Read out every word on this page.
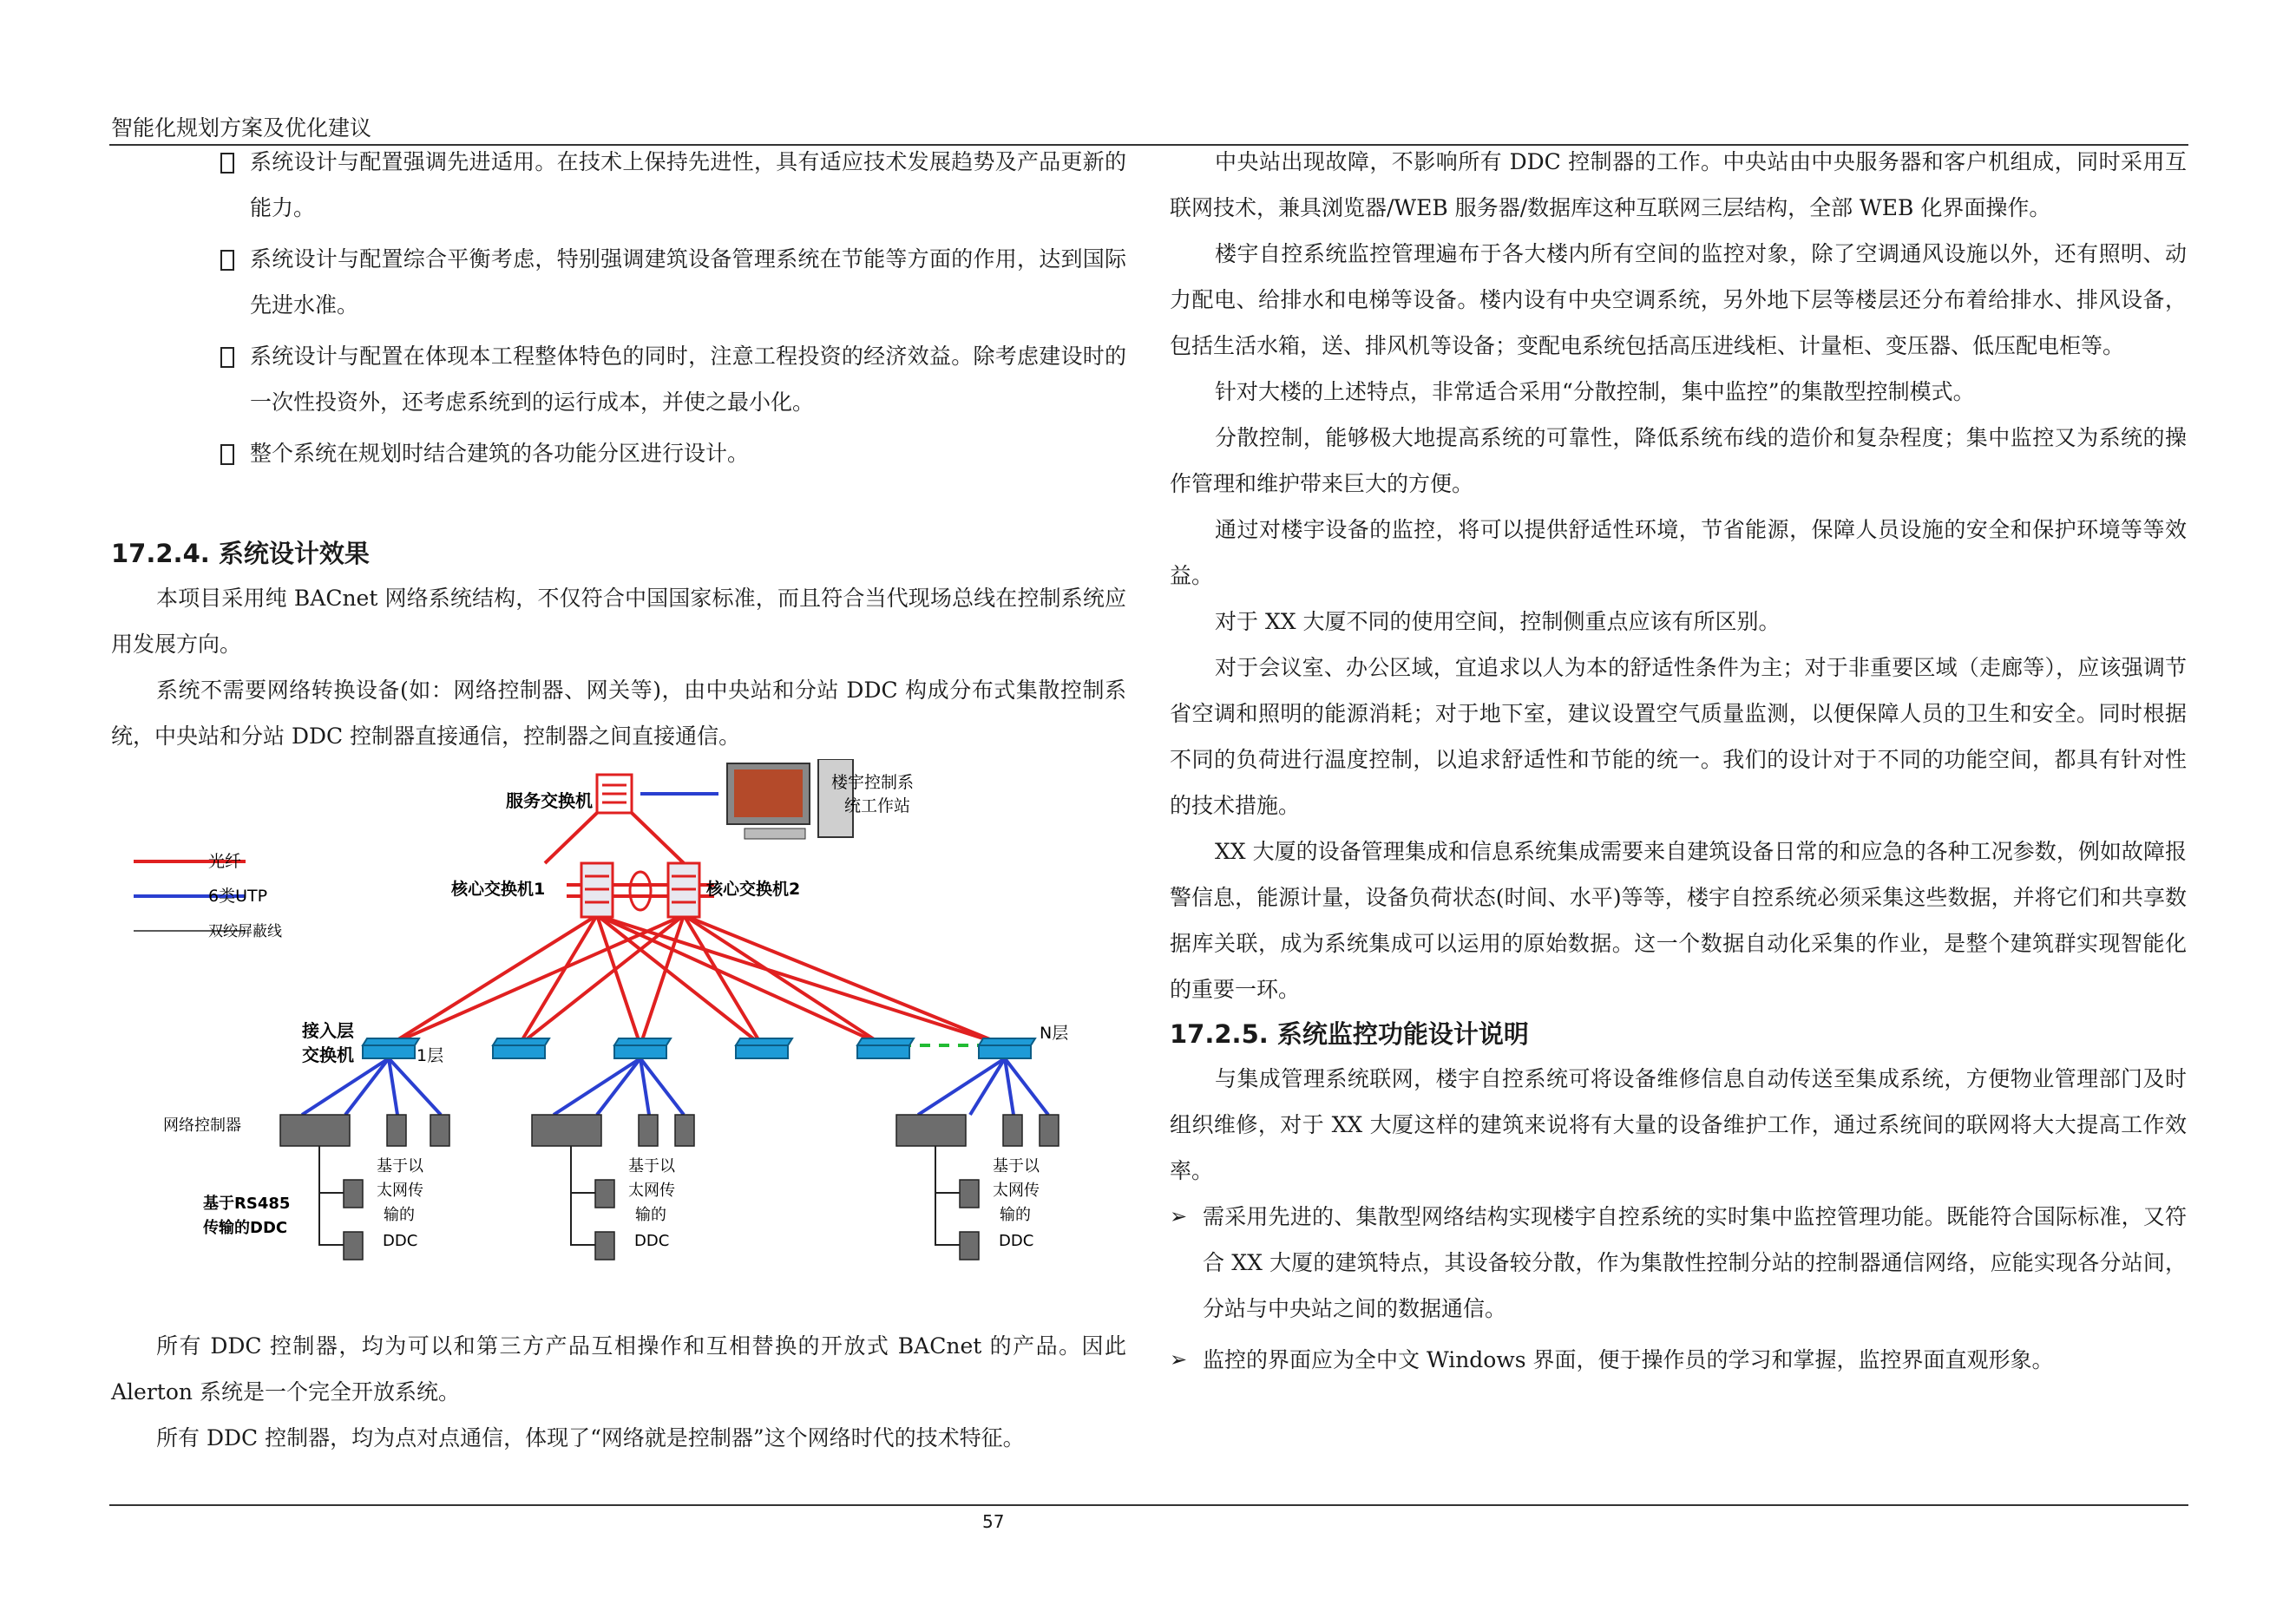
智能化规划方案及优化建议
系统设计与配置强调先进适用。在技术上保持先进性，具有适应技术发展趋势及产品更新的能力。
系统设计与配置综合平衡考虑，特别强调建筑设备管理系统在节能等方面的作用，达到国际先进水准。
系统设计与配置在体现本工程整体特色的同时，注意工程投资的经济效益。除考虑建设时的一次性投资外，还考虑系统到的运行成本，并使之最小化。
整个系统在规划时结合建筑的各功能分区进行设计。
17.2.4. 系统设计效果

本项目采用纯 BACnet 网络系统结构，不仅符合中国国家标准，而且符合当代现场总线在控制系统应用发展方向。

系统不需要网络转换设备(如：网络控制器、网关等)，由中央站和分站 DDC 构成分布式集散控制系统，中央站和分站 DDC 控制器直接通信，控制器之间直接通信。

服务交换机
楼宇控制系
统工作站
光纤
6类UTP
双绞屏蔽线
核心交换机1	核心交换机2
接入层
交换机	1层
N层
网络控制器
基于RS485
传输的DDC
基于以
太网传
输的
DDC
基于以
太网传
输的
DDC
基于以
太网传
输的
DDC

所有 DDC 控制器，均为可以和第三方产品互相操作和互相替换的开放式 BACnet 的产品。因此 Alerton 系统是一个完全开放系统。

所有 DDC 控制器，均为点对点通信，体现了“网络就是控制器”这个网络时代的技术特征。

中央站出现故障，不影响所有 DDC 控制器的工作。中央站由中央服务器和客户机组成，同时采用互联网技术，兼具浏览器/WEB 服务器/数据库这种互联网三层结构，全部 WEB 化界面操作。

楼宇自控系统监控管理遍布于各大楼内所有空间的监控对象，除了空调通风设施以外，还有照明、动力配电、给排水和电梯等设备。楼内设有中央空调系统，另外地下层等楼层还分布着给排水、排风设备，包括生活水箱，送、排风机等设备；变配电系统包括高压进线柜、计量柜、变压器、低压配电柜等。

针对大楼的上述特点，非常适合采用“分散控制，集中监控”的集散型控制模式。

分散控制，能够极大地提高系统的可靠性，降低系统布线的造价和复杂程度；集中监控又为系统的操作管理和维护带来巨大的方便。

通过对楼宇设备的监控，将可以提供舒适性环境，节省能源，保障人员设施的安全和保护环境等等效益。

对于 XX 大厦不同的使用空间，控制侧重点应该有所区别。

对于会议室、办公区域，宜追求以人为本的舒适性条件为主；对于非重要区域（走廊等），应该强调节省空调和照明的能源消耗；对于地下室，建议设置空气质量监测，以便保障人员的卫生和安全。同时根据不同的负荷进行温度控制，以追求舒适性和节能的统一。我们的设计对于不同的功能空间，都具有针对性的技术措施。

XX 大厦的设备管理集成和信息系统集成需要来自建筑设备日常的和应急的各种工况参数，例如故障报警信息，能源计量，设备负荷状态(时间、水平)等等，楼宇自控系统必须采集这些数据，并将它们和共享数据库关联，成为系统集成可以运用的原始数据。这一个数据自动化采集的作业，是整个建筑群实现智能化的重要一环。

17.2.5. 系统监控功能设计说明

与集成管理系统联网，楼宇自控系统可将设备维修信息自动传送至集成系统，方便物业管理部门及时组织维修，对于 XX 大厦这样的建筑来说将有大量的设备维护工作，通过系统间的联网将大大提高工作效率。

➢ 需采用先进的、集散型网络结构实现楼宇自控系统的实时集中监控管理功能。既能符合国际标准，又符合 XX 大厦的建筑特点，其设备较分散，作为集散性控制分站的控制器通信网络，应能实现各分站间，分站与中央站之间的数据通信。
➢ 监控的界面应为全中文 Windows 界面，便于操作员的学习和掌握，监控界面直观形象。
57
